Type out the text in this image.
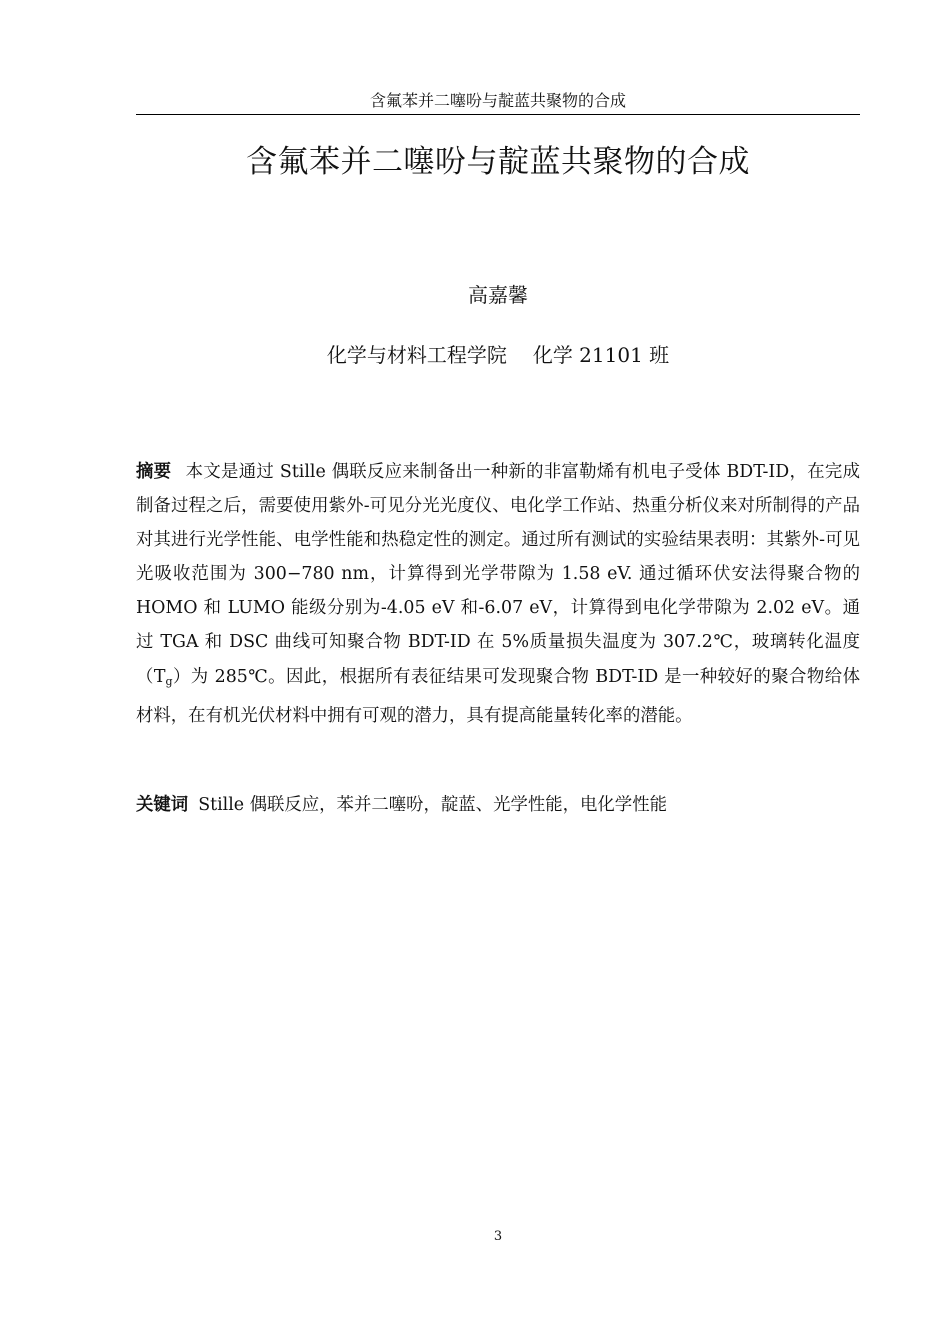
含氟苯并二噻吩与靛蓝共聚物的合成
含氟苯并二噻吩与靛蓝共聚物的合成
高嘉馨
化学与材料工程学院 化学 21101 班

摘要 本文是通过 Stille 偶联反应来制备出一种新的非富勒烯有机电子受体 BDT-ID，在完成制备过程之后，需要使用紫外-可见分光光度仪、电化学工作站、热重分析仪来对所制得的产品对其进行光学性能、电学性能和热稳定性的测定。通过所有测试的实验结果表明：其紫外-可见光吸收范围为 300−780 nm，计算得到光学带隙为 1.58 eV. 通过循环伏安法得聚合物的 HOMO 和 LUMO 能级分别为-4.05 eV 和-6.07 eV，计算得到电化学带隙为 2.02 eV。通过 TGA 和 DSC 曲线可知聚合物 BDT-ID 在 5%质量损失温度为 307.2℃，玻璃转化温度$(T_g)$为 285℃。因此，根据所有表征结果可发现聚合物 BDT-ID 是一种较好的聚合物给体材料，在有机光伏材料中拥有可观的潜力，具有提高能量转化率的潜能。

关键词 Stille 偶联反应，苯并二噻吩，靛蓝、光学性能，电化学性能

3
